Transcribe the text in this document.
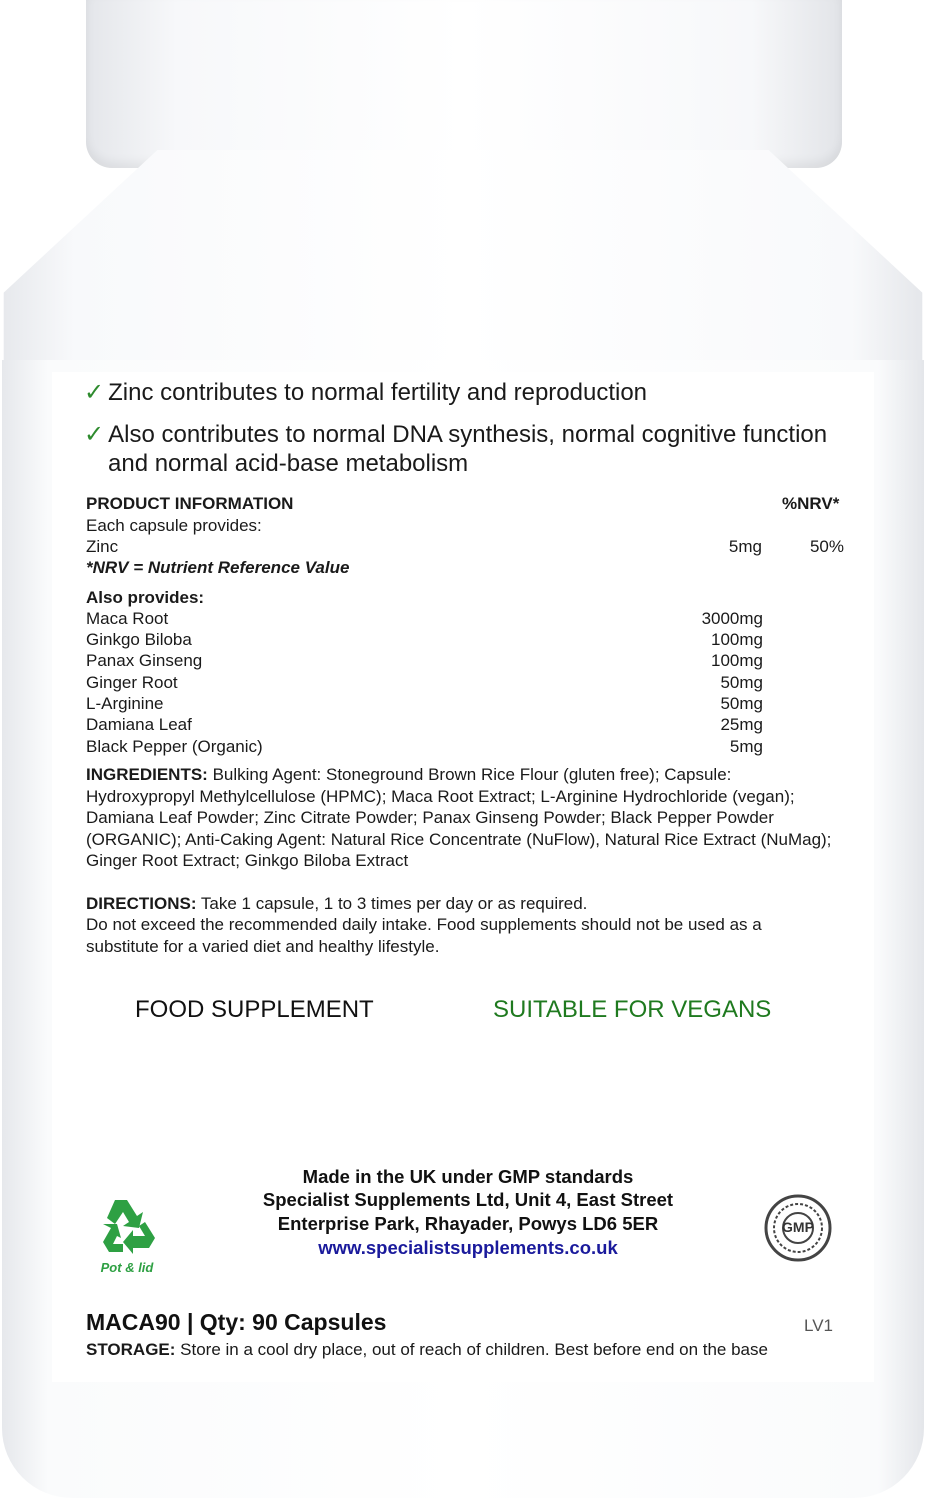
✓ Zinc contributes to normal fertility and reproduction
✓ Also contributes to normal DNA synthesis, normal cognitive function
and normal acid-base metabolism
PRODUCT INFORMATION	%NRV*
Each capsule provides:
Zinc	5mg	50%
*NRV = Nutrient Reference Value
Also provides:
Maca Root	3000mg
Ginkgo Biloba	100mg
Panax Ginseng	100mg
Ginger Root	50mg
L-Arginine	50mg
Damiana Leaf	25mg
Black Pepper (Organic)	5mg
INGREDIENTS: Bulking Agent: Stoneground Brown Rice Flour (gluten free); Capsule: Hydroxypropyl Methylcellulose (HPMC); Maca Root Extract; L-Arginine Hydrochloride (vegan); Damiana Leaf Powder; Zinc Citrate Powder; Panax Ginseng Powder; Black Pepper Powder (ORGANIC); Anti-Caking Agent: Natural Rice Concentrate (NuFlow), Natural Rice Extract (NuMag); Ginger Root Extract; Ginkgo Biloba Extract
DIRECTIONS: Take 1 capsule, 1 to 3 times per day or as required.
Do not exceed the recommended daily intake. Food supplements should not be used as a substitute for a varied diet and healthy lifestyle.
FOOD SUPPLEMENT	SUITABLE FOR VEGANS
Made in the UK under GMP standards
Specialist Supplements Ltd, Unit 4, East Street
Enterprise Park, Rhayader, Powys LD6 5ER
www.specialistsupplements.co.uk
Pot & lid
GMP
MACA90 | Qty: 90 Capsules	LV1
STORAGE: Store in a cool dry place, out of reach of children. Best before end on the base
